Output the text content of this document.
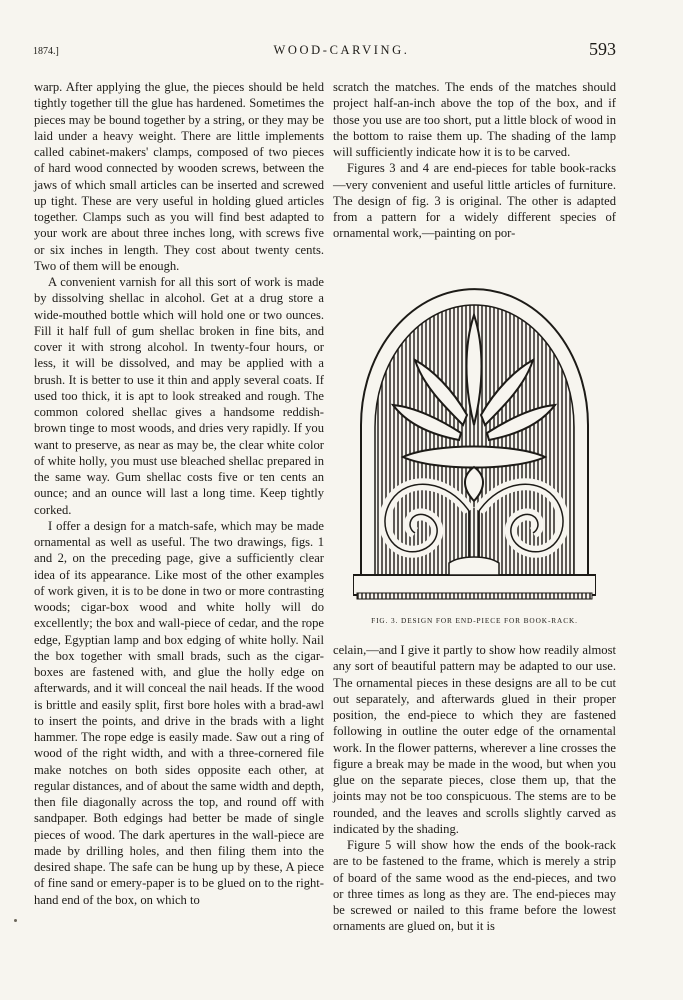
1874.]	WOOD-CARVING.	593

warp. After applying the glue, the pieces should be held tightly together till the glue has hardened. Sometimes the pieces may be bound together by a string, or they may be laid under a heavy weight. There are little implements called cabinet-makers' clamps, composed of two pieces of hard wood connected by wooden screws, between the jaws of which small articles can be inserted and screwed up tight. These are very useful in holding glued articles together. Clamps such as you will find best adapted to your work are about three inches long, with screws five or six inches in length. They cost about twenty cents. Two of them will be enough.

A convenient varnish for all this sort of work is made by dissolving shellac in alcohol. Get at a drug store a wide-mouthed bottle which will hold one or two ounces. Fill it half full of gum shellac broken in fine bits, and cover it with strong alcohol. In twenty-four hours, or less, it will be dissolved, and may be applied with a brush. It is better to use it thin and apply several coats. If used too thick, it is apt to look streaked and rough. The common colored shellac gives a handsome reddish-brown tinge to most woods, and dries very rapidly. If you want to preserve, as near as may be, the clear white color of white holly, you must use bleached shellac prepared in the same way. Gum shellac costs five or ten cents an ounce; and an ounce will last a long time. Keep tightly corked.

I offer a design for a match-safe, which may be made ornamental as well as useful. The two drawings, figs. 1 and 2, on the preceding page, give a sufficiently clear idea of its appearance. Like most of the other examples of work given, it is to be done in two or more contrasting woods; cigar-box wood and white holly will do excellently; the box and wall-piece of cedar, and the rope edge, Egyptian lamp and box edging of white holly. Nail the box together with small brads, such as the cigar-boxes are fastened with, and glue the holly edge on afterwards, and it will conceal the nail heads. If the wood is brittle and easily split, first bore holes with a brad-awl to insert the points, and drive in the brads with a light hammer. The rope edge is easily made. Saw out a ring of wood of the right width, and with a three-cornered file make notches on both sides opposite each other, at regular distances, and of about the same width and depth, then file diagonally across the top, and round off with sandpaper. Both edgings had better be made of single pieces of wood. The dark apertures in the wall-piece are made by drilling holes, and then filing them into the desired shape. The safe can be hung up by these, A piece of fine sand or emery-paper is to be glued on to the right-hand end of the box, on which to

scratch the matches. The ends of the matches should project half-an-inch above the top of the box, and if those you use are too short, put a little block of wood in the bottom to raise them up. The shading of the lamp will sufficiently indicate how it is to be carved.

Figures 3 and 4 are end-pieces for table book-racks—very convenient and useful little articles of furniture. The design of fig. 3 is original. The other is adapted from a pattern for a widely different species of ornamental work,—painting on por-

FIG. 3. DESIGN FOR END-PIECE FOR BOOK-RACK.

celain,—and I give it partly to show how readily almost any sort of beautiful pattern may be adapted to our use. The ornamental pieces in these designs are all to be cut out separately, and afterwards glued in their proper position, the end-piece to which they are fastened following in outline the outer edge of the ornamental work. In the flower patterns, wherever a line crosses the figure a break may be made in the wood, but when you glue on the separate pieces, close them up, that the joints may not be too conspicuous. The stems are to be rounded, and the leaves and scrolls slightly carved as indicated by the shading.

Figure 5 will show how the ends of the book-rack are to be fastened to the frame, which is merely a strip of board of the same wood as the end-pieces, and two or three times as long as they are. The end-pieces may be screwed or nailed to this frame before the lowest ornaments are glued on, but it is
